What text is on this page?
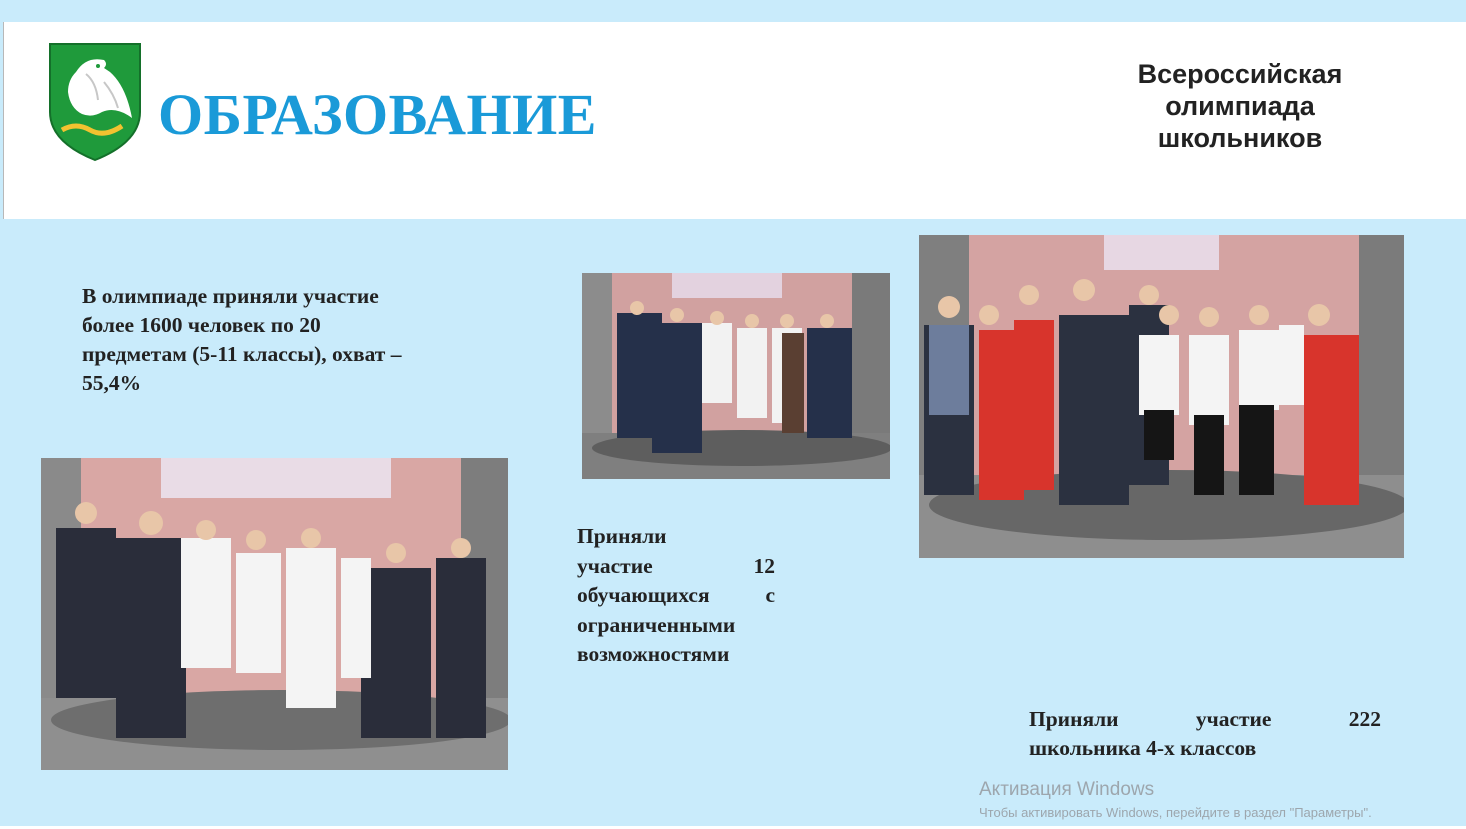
ОБРАЗОВАНИЕ
Всероссийская
олимпиада
школьников
В олимпиаде приняли участие
более 1600 человек по 20
предметам (5-11 классы), охват –
55,4%
Приняли
участие	12
обучающихся	с
ограниченными
возможностями
Приняли	участие	222
школьника 4-х классов
Активация Windows
Чтобы активировать Windows, перейдите в раздел "Параметры".
